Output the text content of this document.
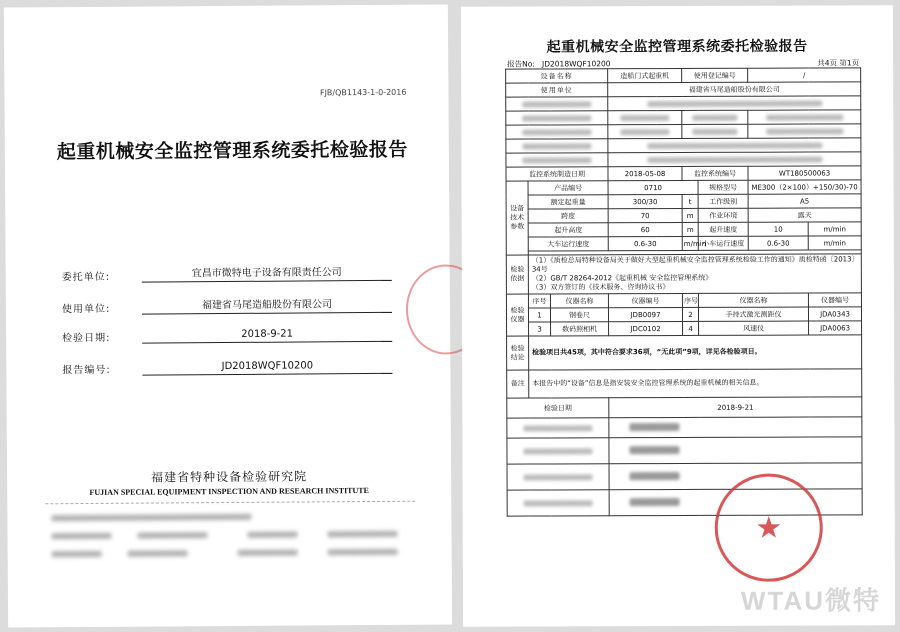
FJB/QB1143-1-0-2016
起重机械安全监控管理系统委托检验报告
委托单位:	宜昌市微特电子设备有限责任公司
使用单位:	福建省马尾造船股份有限公司
检验日期:	2018-9-21
报告编号:	JD2018WQF10200
福建省特种设备检验研究院
FUJIAN SPECIAL EQUIPMENT INSPECTION AND RESEARCH INSTITUTE
起重机械安全监控管理系统委托检验报告
报告No: JD2018WQF10200	共4页 第1页
设备名称			造船门式起重机	使用登记编号		/	
使用单位			福建省马尾造船股份有限公司				

监控系统制造日期			2018-05-08	监控系统编号		WT180500063	
设备技术参数	产品编号		0710		规格型号	ME300（2×100）+150/30)-70	
	额定起重量		300/30	t	工作级别	A5	
	跨度		70	m	作业环境	露天	
	起升高度		60	m	起升速度	10	m/min
	大车运行速度		0.6-30	m/min	小车运行速度	0.6-30	m/min

检验依据	（1）《质检总局特种设备局关于做好大型起重机械安全监控管理系统检验工作的通知》质检特函〔2013〕34号
（2）GB/T 28264-2012《起重机械 安全监控管理系统》
（3）双方签订的《技术服务、咨询协议书》						

检验仪器	序号	仪器名称	仪器编号	序号	仪器名称		仪器编号
	1	钢卷尺	JDB0097	2	手持式激光测距仪		JDA0343
	3	数码照相机	JDC0102	4	风速仪		JDA0063
检验结论	检验项目共45项，其中符合要求36项，“无此项”9项，详见各检验项目。						
备注	本报告中的“设备”信息是指安装安全监控管理系统的起重机械的相关信息。						
检验日期			2018-9-21				

★
WTAU微特
